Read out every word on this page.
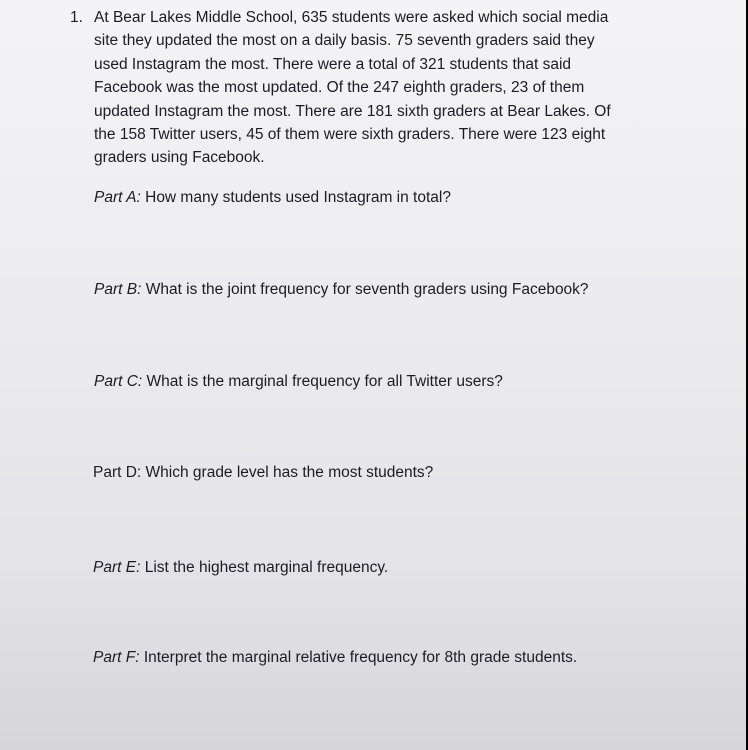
1. At Bear Lakes Middle School, 635 students were asked which social media
site they updated the most on a daily basis. 75 seventh graders said they
used Instagram the most. There were a total of 321 students that said
Facebook was the most updated. Of the 247 eighth graders, 23 of them
updated Instagram the most. There are 181 sixth graders at Bear Lakes. Of
the 158 Twitter users, 45 of them were sixth graders. There were 123 eight
graders using Facebook.
Part A: How many students used Instagram in total?
Part B: What is the joint frequency for seventh graders using Facebook?
Part C: What is the marginal frequency for all Twitter users?
Part D: Which grade level has the most students?
Part E: List the highest marginal frequency.
Part F: Interpret the marginal relative frequency for 8th grade students.
